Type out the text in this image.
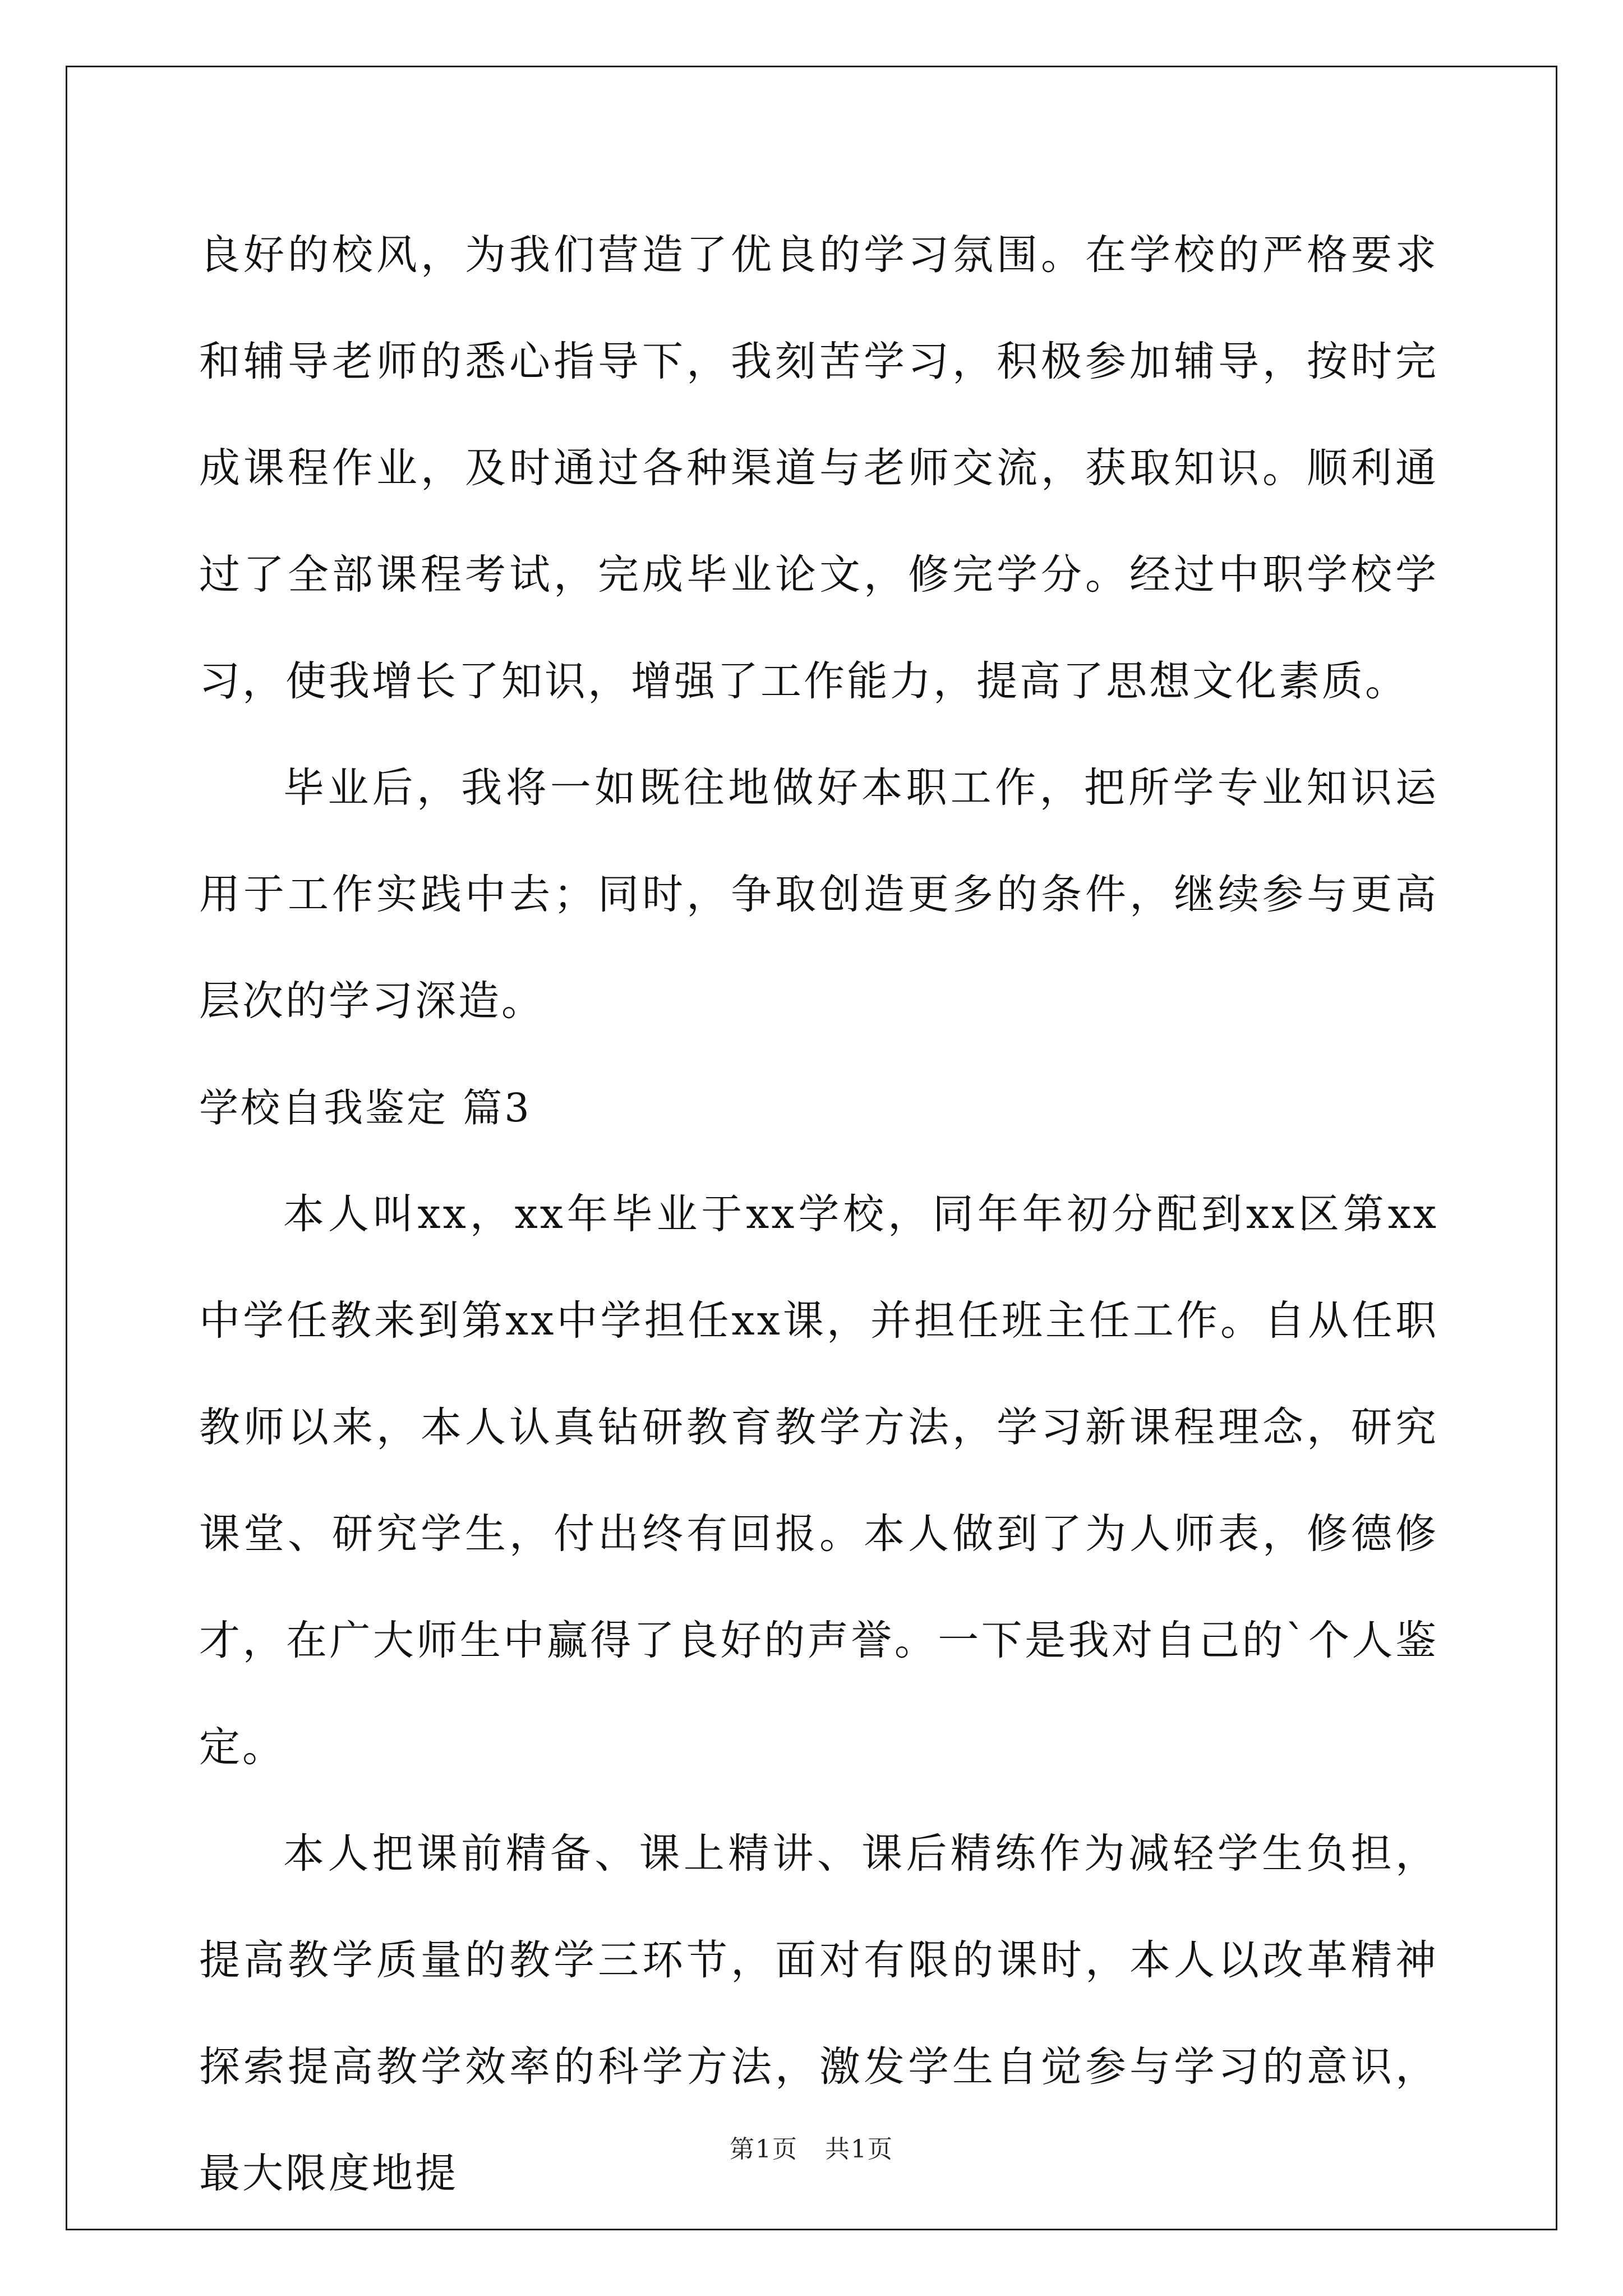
良好的校风，为我们营造了优良的学习氛围。在学校的严格要求和辅导老师的悉心指导下，我刻苦学习，积极参加辅导，按时完成课程作业，及时通过各种渠道与老师交流，获取知识。顺利通过了全部课程考试，完成毕业论文，修完学分。经过中职学校学习，使我增长了知识，增强了工作能力，提高了思想文化素质。

毕业后，我将一如既往地做好本职工作，把所学专业知识运用于工作实践中去；同时，争取创造更多的条件，继续参与更高层次的学习深造。

学校自我鉴定 篇3

本人叫xx，xx年毕业于xx学校，同年年初分配到xx区第xx中学任教来到第xx中学担任xx课，并担任班主任工作。自从任职教师以来，本人认真钻研教育教学方法，学习新课程理念，研究课堂、研究学生，付出终有回报。本人做到了为人师表，修德修才，在广大师生中赢得了良好的声誉。一下是我对自己的`个人鉴定。

本人把课前精备、课上精讲、课后精练作为减轻学生负担，提高教学质量的教学三环节，面对有限的课时，本人以改革精神探索提高教学效率的科学方法，激发学生自觉参与学习的意识，最大限度地提

第1页 共1页
